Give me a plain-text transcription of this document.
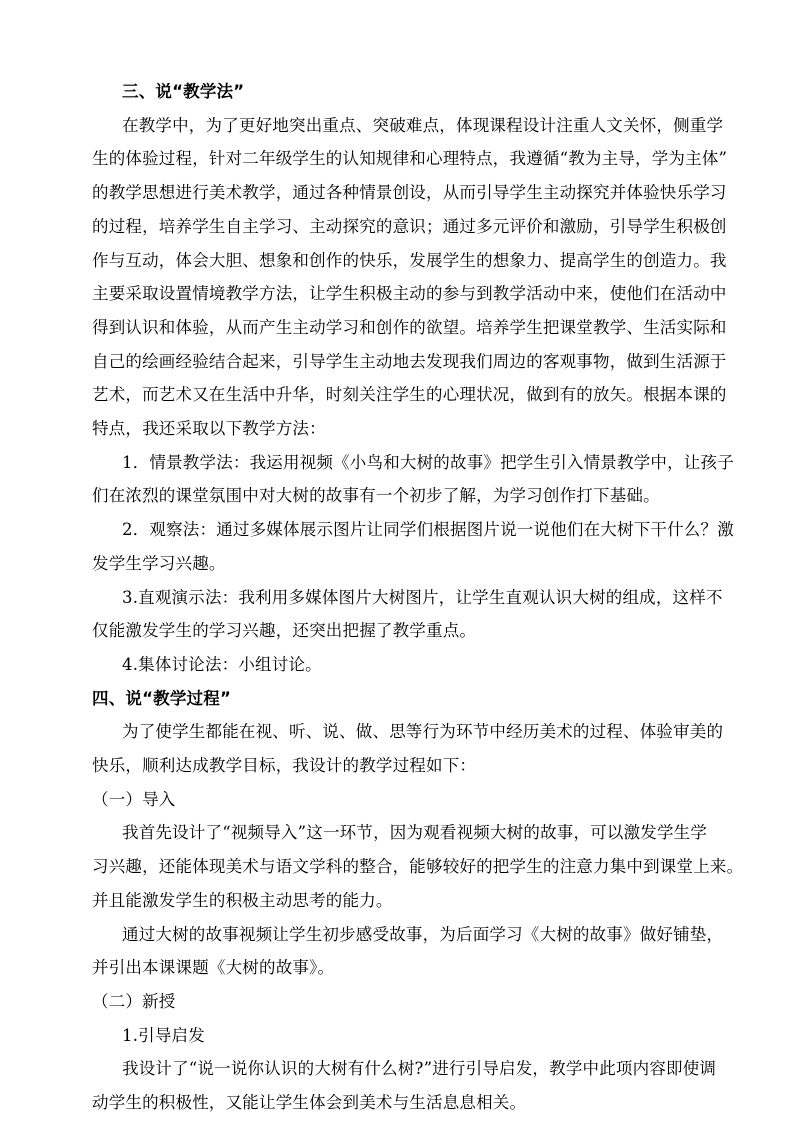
三、说“教学法”
在教学中，为了更好地突出重点、突破难点，体现课程设计注重人文关怀，侧重学
生的体验过程，针对二年级学生的认知规律和心理特点，我遵循“教为主导，学为主体”
的教学思想进行美术教学，通过各种情景创设，从而引导学生主动探究并体验快乐学习
的过程，培养学生自主学习、主动探究的意识；通过多元评价和激励，引导学生积极创
作与互动，体会大胆、想象和创作的快乐，发展学生的想象力、提高学生的创造力。我
主要采取设置情境教学方法，让学生积极主动的参与到教学活动中来，使他们在活动中
得到认识和体验，从而产生主动学习和创作的欲望。培养学生把课堂教学、生活实际和
自己的绘画经验结合起来，引导学生主动地去发现我们周边的客观事物，做到生活源于
艺术，而艺术又在生活中升华，时刻关注学生的心理状况，做到有的放矢。根据本课的
特点，我还采取以下教学方法：
1．情景教学法：我运用视频《小鸟和大树的故事》把学生引入情景教学中，让孩子
们在浓烈的课堂氛围中对大树的故事有一个初步了解，为学习创作打下基础。
2．观察法：通过多媒体展示图片让同学们根据图片说一说他们在大树下干什么？激
发学生学习兴趣。
3.直观演示法：我利用多媒体图片大树图片，让学生直观认识大树的组成，这样不
仅能激发学生的学习兴趣，还突出把握了教学重点。
4.集体讨论法：小组讨论。
四、说“教学过程”
为了使学生都能在视、听、说、做、思等行为环节中经历美术的过程、体验审美的
快乐，顺利达成教学目标，我设计的教学过程如下：
（一）导入
我首先设计了“视频导入”这一环节，因为观看视频大树的故事，可以激发学生学
习兴趣，还能体现美术与语文学科的整合，能够较好的把学生的注意力集中到课堂上来。
并且能激发学生的积极主动思考的能力。
通过大树的故事视频让学生初步感受故事，为后面学习《大树的故事》做好铺垫，
并引出本课课题《大树的故事》。
（二）新授
1.引导启发
我设计了“说一说你认识的大树有什么树?”进行引导启发，教学中此项内容即使调
动学生的积极性，又能让学生体会到美术与生活息息相关。
